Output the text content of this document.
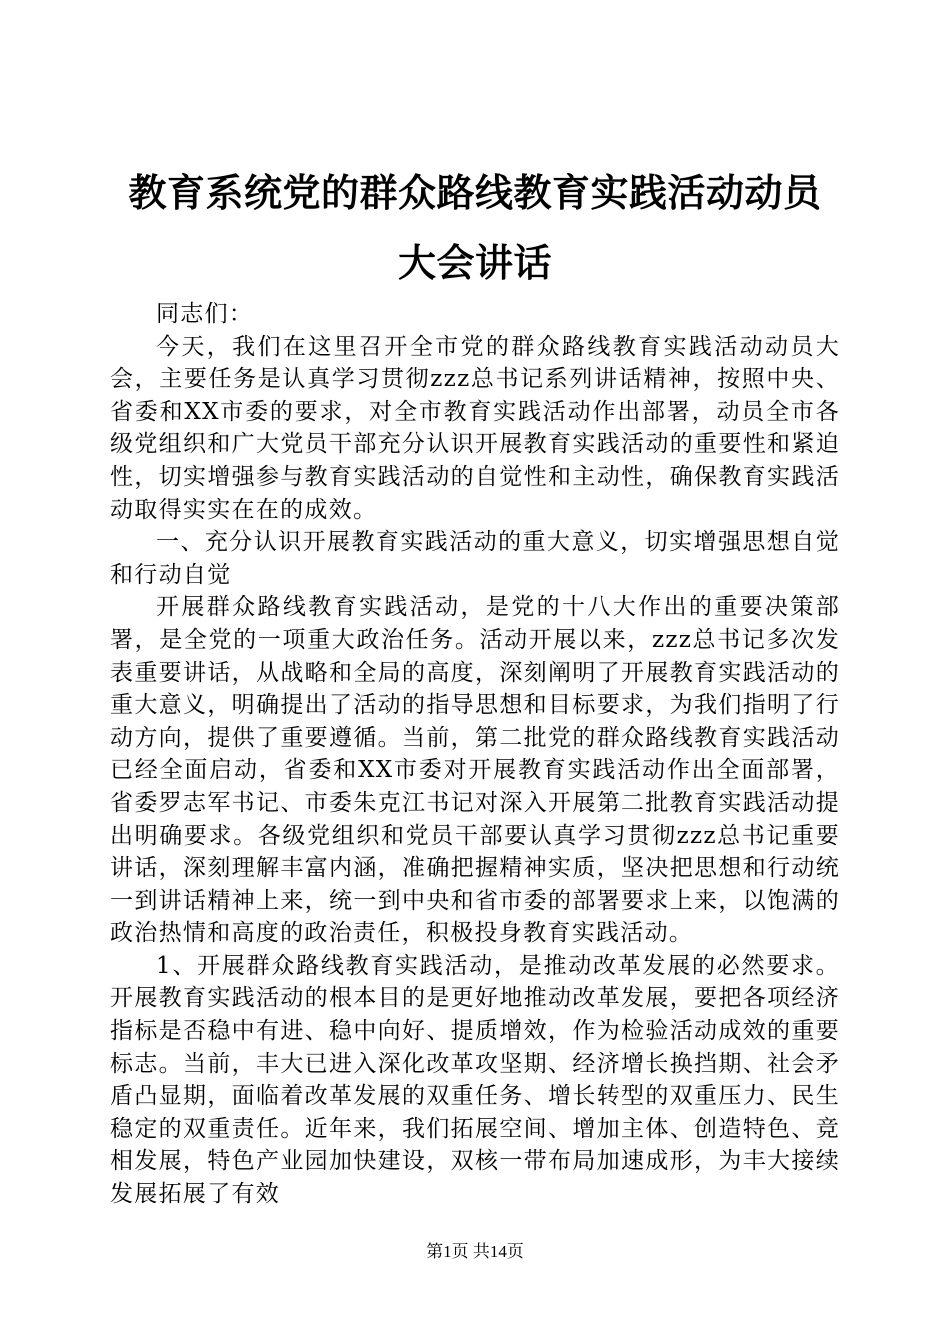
教育系统党的群众路线教育实践活动动员大会讲话

同志们：

今天，我们在这里召开全市党的群众路线教育实践活动动员大会，主要任务是认真学习贯彻zzz总书记系列讲话精神，按照中央、省委和XX市委的要求，对全市教育实践活动作出部署，动员全市各级党组织和广大党员干部充分认识开展教育实践活动的重要性和紧迫性，切实增强参与教育实践活动的自觉性和主动性，确保教育实践活动取得实实在在的成效。

一、充分认识开展教育实践活动的重大意义，切实增强思想自觉和行动自觉

开展群众路线教育实践活动，是党的十八大作出的重要决策部署，是全党的一项重大政治任务。活动开展以来，zzz总书记多次发表重要讲话，从战略和全局的高度，深刻阐明了开展教育实践活动的重大意义，明确提出了活动的指导思想和目标要求，为我们指明了行动方向，提供了重要遵循。当前，第二批党的群众路线教育实践活动已经全面启动，省委和XX市委对开展教育实践活动作出全面部署，省委罗志军书记、市委朱克江书记对深入开展第二批教育实践活动提出明确要求。各级党组织和党员干部要认真学习贯彻zzz总书记重要讲话，深刻理解丰富内涵，准确把握精神实质，坚决把思想和行动统一到讲话精神上来，统一到中央和省市委的部署要求上来，以饱满的政治热情和高度的政治责任，积极投身教育实践活动。

1、开展群众路线教育实践活动，是推动改革发展的必然要求。开展教育实践活动的根本目的是更好地推动改革发展，要把各项经济指标是否稳中有进、稳中向好、提质增效，作为检验活动成效的重要标志。当前，丰大已进入深化改革攻坚期、经济增长换挡期、社会矛盾凸显期，面临着改革发展的双重任务、增长转型的双重压力、民生稳定的双重责任。近年来，我们拓展空间、增加主体、创造特色、竞相发展，特色产业园加快建设，双核一带布局加速成形，为丰大接续发展拓展了有效

第1页 共14页
